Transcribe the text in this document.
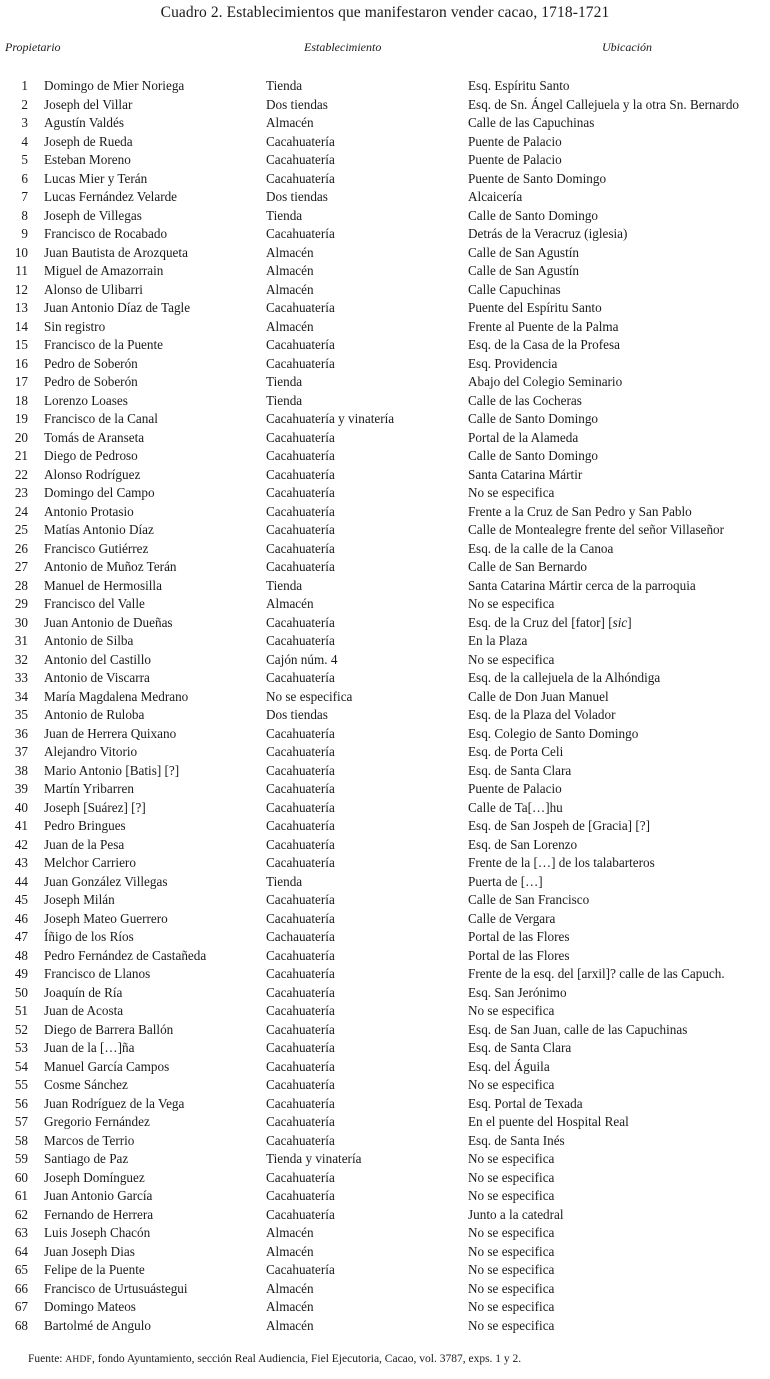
Cuadro 2. Establecimientos que manifestaron vender cacao, 1718-1721
Propietario	Establecimiento	Ubicación
1 Domingo de Mier Noriega	Tienda	Esq. Espíritu Santo
2 Joseph del Villar	Dos tiendas	Esq. de Sn. Ángel Callejuela y la otra Sn. Bernardo
3 Agustín Valdés	Almacén	Calle de las Capuchinas
4 Joseph de Rueda	Cacahuatería	Puente de Palacio
5 Esteban Moreno	Cacahuatería	Puente de Palacio
6 Lucas Mier y Terán	Cacahuatería	Puente de Santo Domingo
7 Lucas Fernández Velarde	Dos tiendas	Alcaicería
8 Joseph de Villegas	Tienda	Calle de Santo Domingo
9 Francisco de Rocabado	Cacahuatería	Detrás de la Veracruz (iglesia)
10 Juan Bautista de Arozqueta	Almacén	Calle de San Agustín
11 Miguel de Amazorrain	Almacén	Calle de San Agustín
12 Alonso de Ulibarri	Almacén	Calle Capuchinas
13 Juan Antonio Díaz de Tagle	Cacahuatería	Puente del Espíritu Santo
14 Sin registro	Almacén	Frente al Puente de la Palma
15 Francisco de la Puente	Cacahuatería	Esq. de la Casa de la Profesa
16 Pedro de Soberón	Cacahuatería	Esq. Providencia
17 Pedro de Soberón	Tienda	Abajo del Colegio Seminario
18 Lorenzo Loases	Tienda	Calle de las Cocheras
19 Francisco de la Canal	Cacahuatería y vinatería	Calle de Santo Domingo
20 Tomás de Aranseta	Cacahuatería	Portal de la Alameda
21 Diego de Pedroso	Cacahuatería	Calle de Santo Domingo
22 Alonso Rodríguez	Cacahuatería	Santa Catarina Mártir
23 Domingo del Campo	Cacahuatería	No se especifica
24 Antonio Protasio	Cacahuatería	Frente a la Cruz de San Pedro y San Pablo
25 Matías Antonio Díaz	Cacahuatería	Calle de Montealegre frente del señor Villaseñor
26 Francisco Gutiérrez	Cacahuatería	Esq. de la calle de la Canoa
27 Antonio de Muñoz Terán	Cacahuatería	Calle de San Bernardo
28 Manuel de Hermosilla	Tienda	Santa Catarina Mártir cerca de la parroquia
29 Francisco del Valle	Almacén	No se especifica
30 Juan Antonio de Dueñas	Cacahuatería	Esq. de la Cruz del [fator] [sic]
31 Antonio de Silba	Cacahuatería	En la Plaza
32 Antonio del Castillo	Cajón núm. 4	No se especifica
33 Antonio de Viscarra	Cacahuatería	Esq. de la callejuela de la Alhóndiga
34 María Magdalena Medrano	No se especifica	Calle de Don Juan Manuel
35 Antonio de Ruloba	Dos tiendas	Esq. de la Plaza del Volador
36 Juan de Herrera Quixano	Cacahuatería	Esq. Colegio de Santo Domingo
37 Alejandro Vitorio	Cacahuatería	Esq. de Porta Celi
38 Mario Antonio [Batis] [?]	Cacahuatería	Esq. de Santa Clara
39 Martín Yribarren	Cacahuatería	Puente de Palacio
40 Joseph [Suárez] [?]	Cacahuatería	Calle de Ta[…]hu
41 Pedro Bringues	Cacahuatería	Esq. de San Jospeh de [Gracia] [?]
42 Juan de la Pesa	Cacahuatería	Esq. de San Lorenzo
43 Melchor Carriero	Cacahuatería	Frente de la […] de los talabarteros
44 Juan González Villegas	Tienda	Puerta de […]
45 Joseph Milán	Cacahuatería	Calle de San Francisco
46 Joseph Mateo Guerrero	Cacahuatería	Calle de Vergara
47 Íñigo de los Ríos	Cachauatería	Portal de las Flores
48 Pedro Fernández de Castañeda	Cacahuatería	Portal de las Flores
49 Francisco de Llanos	Cacahuatería	Frente de la esq. del [arxil]? calle de las Capuch.
50 Joaquín de Ría	Cacahuatería	Esq. San Jerónimo
51 Juan de Acosta	Cacahuatería	No se especifica
52 Diego de Barrera Ballón	Cacahuatería	Esq. de San Juan, calle de las Capuchinas
53 Juan de la […]ña	Cacahuatería	Esq. de Santa Clara
54 Manuel García Campos	Cacahuatería	Esq. del Águila
55 Cosme Sánchez	Cacahuatería	No se especifica
56 Juan Rodríguez de la Vega	Cacahuatería	Esq. Portal de Texada
57 Gregorio Fernández	Cacahuatería	En el puente del Hospital Real
58 Marcos de Terrio	Cacahuatería	Esq. de Santa Inés
59 Santiago de Paz	Tienda y vinatería	No se especifica
60 Joseph Domínguez	Cacahuatería	No se especifica
61 Juan Antonio García	Cacahuatería	No se especifica
62 Fernando de Herrera	Cacahuatería	Junto a la catedral
63 Luis Joseph Chacón	Almacén	No se especifica
64 Juan Joseph Dias	Almacén	No se especifica
65 Felipe de la Puente	Cacahuatería	No se especifica
66 Francisco de Urtusuástegui	Almacén	No se especifica
67 Domingo Mateos	Almacén	No se especifica
68 Bartolmé de Angulo	Almacén	No se especifica
Fuente: AHDF, fondo Ayuntamiento, sección Real Audiencia, Fiel Ejecutoria, Cacao, vol. 3787, exps. 1 y 2.
